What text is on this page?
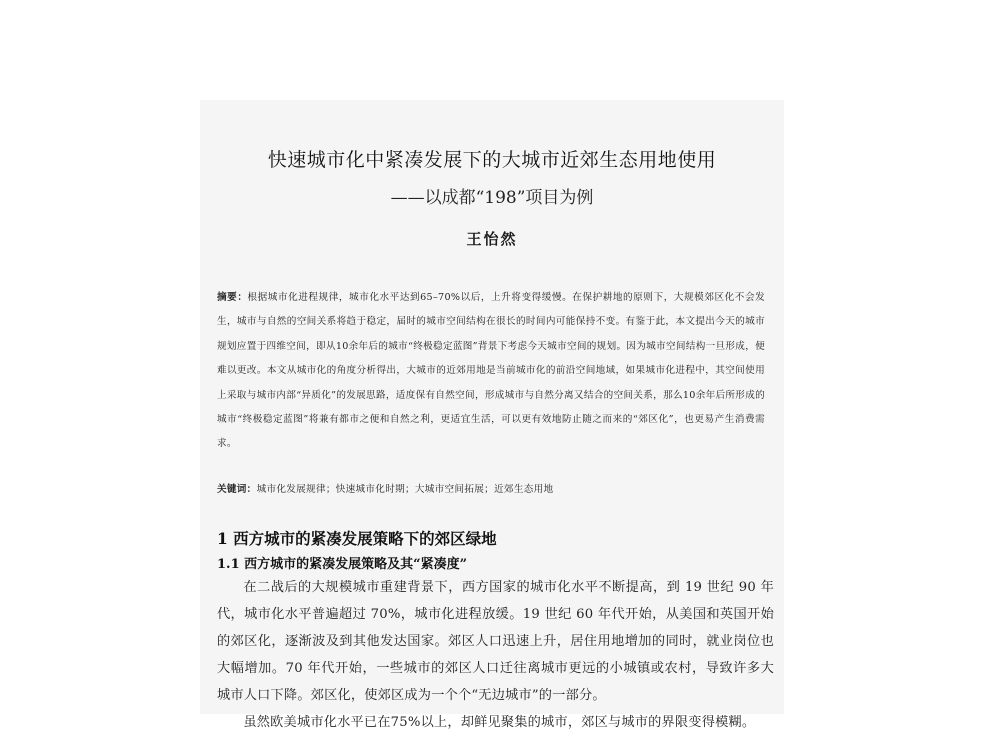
快速城市化中紧凑发展下的大城市近郊生态用地使用
——以成都“198”项目为例
王怡然
摘要：根据城市化进程规律，城市化水平达到65–70%以后，上升将变得缓慢。在保护耕地的原则下，大规模郊区化不会发生，城市与自然的空间关系将趋于稳定，届时的城市空间结构在很长的时间内可能保持不变。有鉴于此，本文提出今天的城市规划应置于四维空间，即从10余年后的城市“终极稳定蓝图”背景下考虑今天城市空间的规划。因为城市空间结构一旦形成，便难以更改。本文从城市化的角度分析得出，大城市的近郊用地是当前城市化的前沿空间地域，如果城市化进程中，其空间使用上采取与城市内部“异质化”的发展思路，适度保有自然空间，形成城市与自然分离又结合的空间关系，那么10余年后所形成的城市“终极稳定蓝图”将兼有都市之便和自然之利，更适宜生活，可以更有效地防止随之而来的“郊区化”，也更易产生消费需求。
关键词：城市化发展规律；快速城市化时期；大城市空间拓展；近郊生态用地
1 西方城市的紧凑发展策略下的郊区绿地
1.1 西方城市的紧凑发展策略及其“紧凑度”

在二战后的大规模城市重建背景下，西方国家的城市化水平不断提高，到 19 世纪 90 年代，城市化水平普遍超过 70%，城市化进程放缓。19 世纪 60 年代开始，从美国和英国开始的郊区化，逐渐波及到其他发达国家。郊区人口迅速上升，居住用地增加的同时，就业岗位也大幅增加。70 年代开始，一些城市的郊区人口迁往离城市更远的小城镇或农村，导致许多大城市人口下降。郊区化，使郊区成为一个个“无边城市”的一部分。

虽然欧美城市化水平已在75%以上，却鲜见聚集的城市，郊区与城市的界限变得模糊。
